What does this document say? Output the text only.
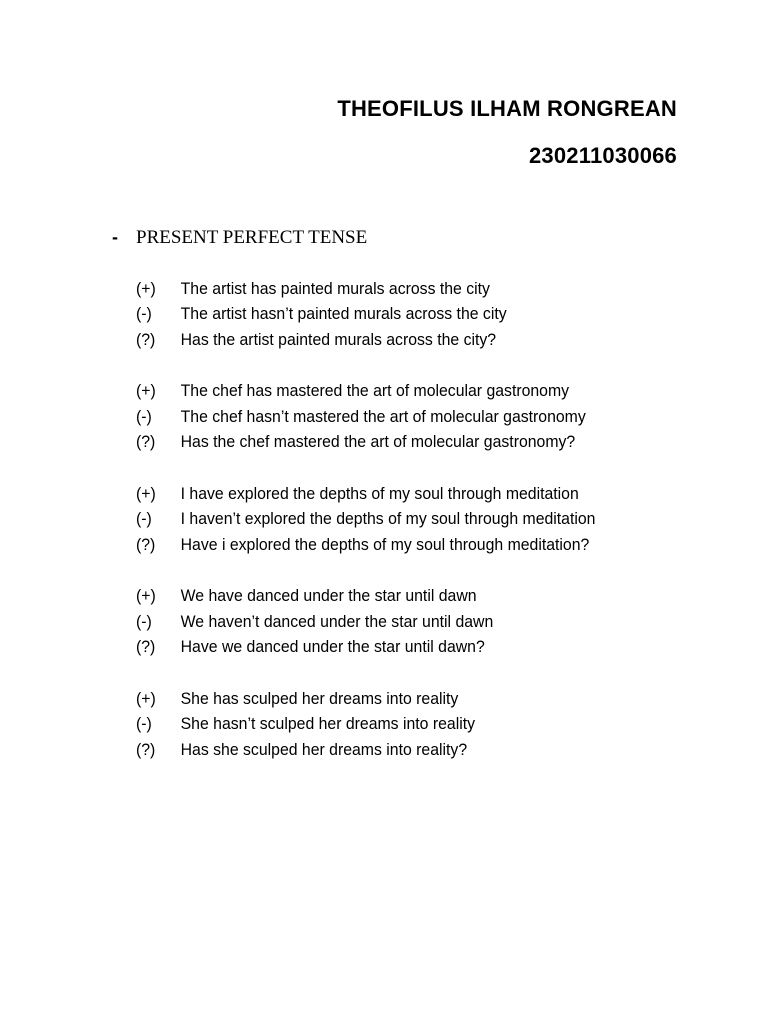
THEOFILUS ILHAM RONGREAN
230211030066
- PRESENT PERFECT TENSE
(+)	The artist has painted murals across the city
(-)	The artist hasn’t painted murals across the city
(?)	Has the artist painted murals across the city?
(+)	The chef has mastered the art of molecular gastronomy
(-)	The chef hasn’t mastered the art of molecular gastronomy
(?)	Has the chef mastered the art of molecular gastronomy?
(+)	I have explored the depths of my soul through meditation
(-)	I haven’t explored the depths of my soul through meditation
(?)	Have i explored the depths of my soul through meditation?
(+)	We have danced under the star until dawn
(-)	We haven’t danced under the star until dawn
(?)	Have we danced under the star until dawn?
(+)	She has sculped her dreams into reality
(-)	She hasn’t sculped her dreams into reality
(?)	Has she sculped her dreams into reality?
